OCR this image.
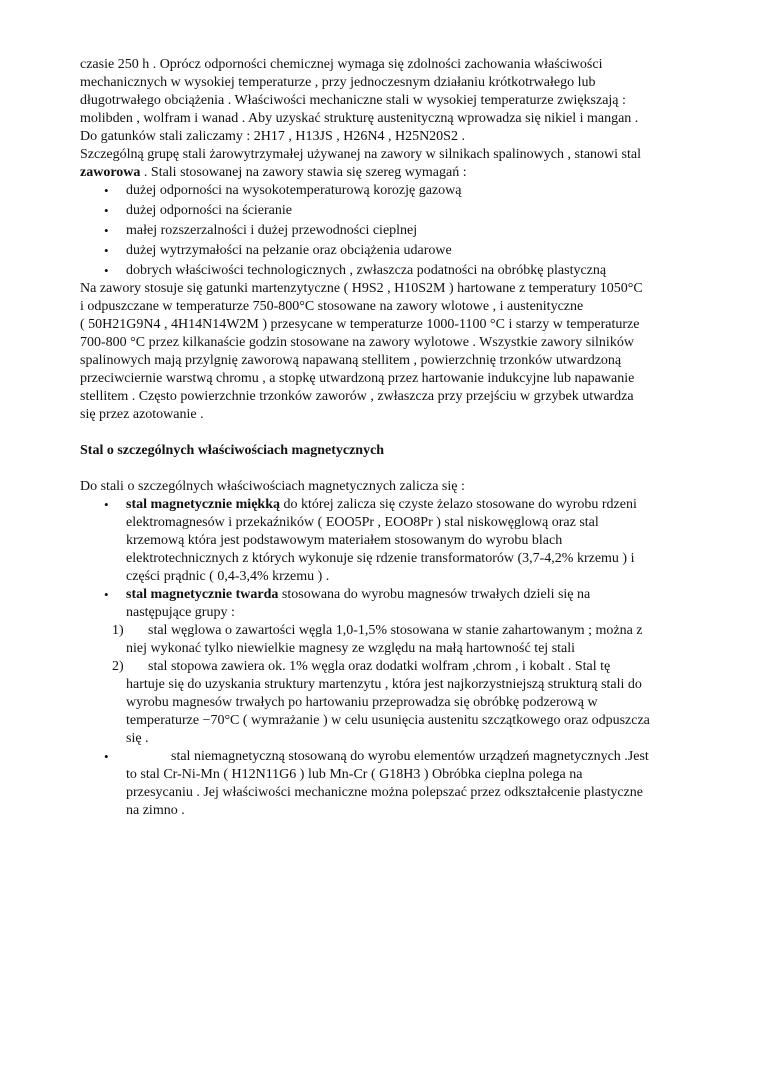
czasie 250 h . Oprócz odporności chemicznej wymaga się zdolności zachowania właściwości
mechanicznych w wysokiej temperaturze , przy jednoczesnym działaniu krótkotrwałego lub
długotrwałego obciążenia . Właściwości mechaniczne stali w wysokiej temperaturze zwiększają :
molibden , wolfram i wanad . Aby uzyskać strukturę austenityczną wprowadza się nikiel i mangan .
Do gatunków stali zaliczamy : 2H17 , H13JS , H26N4 , H25N20S2 .
Szczególną grupę stali żarowytrzymałej używanej na zawory w silnikach spalinowych , stanowi stal
zaworowa . Stali stosowanej na zawory stawia się szereg wymagań :
• dużej odporności na wysokotemperaturową korozję gazową
• dużej odporności na ścieranie
• małej rozszerzalności i dużej przewodności cieplnej
• dużej wytrzymałości na pełzanie oraz obciążenia udarowe
• dobrych właściwości technologicznych , zwłaszcza podatności na obróbkę plastyczną
Na zawory stosuje się gatunki martenzytyczne ( H9S2 , H10S2M ) hartowane z temperatury 1050°C
i odpuszczane w temperaturze 750-800°C stosowane na zawory wlotowe , i austenityczne
( 50H21G9N4 , 4H14N14W2M ) przesycane w temperaturze 1000-1100 °C i starzy w temperaturze
700-800 °C przez kilkanaście godzin stosowane na zawory wylotowe . Wszystkie zawory silników
spalinowych mają przylgnię zaworową napawaną stellitem , powierzchnię trzonków utwardzoną
przeciwciernie warstwą chromu , a stopkę utwardzoną przez hartowanie indukcyjne lub napawanie
stellitem . Często powierzchnie trzonków zaworów , zwłaszcza przy przejściu w grzybek utwardza
się przez azotowanie .
Stal o szczególnych właściwościach magnetycznych
Do stali o szczególnych właściwościach magnetycznych zalicza się :
• stal magnetycznie miękką do której zalicza się czyste żelazo stosowane do wyrobu rdzeni
elektromagnesów i przekaźników ( EOO5Pr , EOO8Pr ) stal niskowęglową oraz stal
krzemową która jest podstawowym materiałem stosowanym do wyrobu blach
elektrotechnicznych z których wykonuje się rdzenie transformatorów (3,7-4,2% krzemu ) i
części prądnic ( 0,4-3,4% krzemu ) .
• stal magnetycznie twarda stosowana do wyrobu magnesów trwałych dzieli się na
następujące grupy :
1) stal węglowa o zawartości węgla 1,0-1,5% stosowana w stanie zahartowanym ; można z
niej wykonać tylko niewielkie magnesy ze względu na małą hartowność tej stali
2) stal stopowa zawiera ok. 1% węgla oraz dodatki wolfram ,chrom , i kobalt . Stal tę
hartuje się do uzyskania struktury martenzytu , która jest najkorzystniejszą strukturą stali do
wyrobu magnesów trwałych po hartowaniu przeprowadza się obróbkę podzerową w
temperaturze −70°C ( wymrażanie ) w celu usunięcia austenitu szczątkowego oraz odpuszcza
się .
•	stal niemagnetyczną stosowaną do wyrobu elementów urządzeń magnetycznych .Jest
to stal Cr-Ni-Mn ( H12N11G6 ) lub Mn-Cr ( G18H3 ) Obróbka cieplna polega na
przesycaniu . Jej właściwości mechaniczne można polepszać przez odkształcenie plastyczne
na zimno .
